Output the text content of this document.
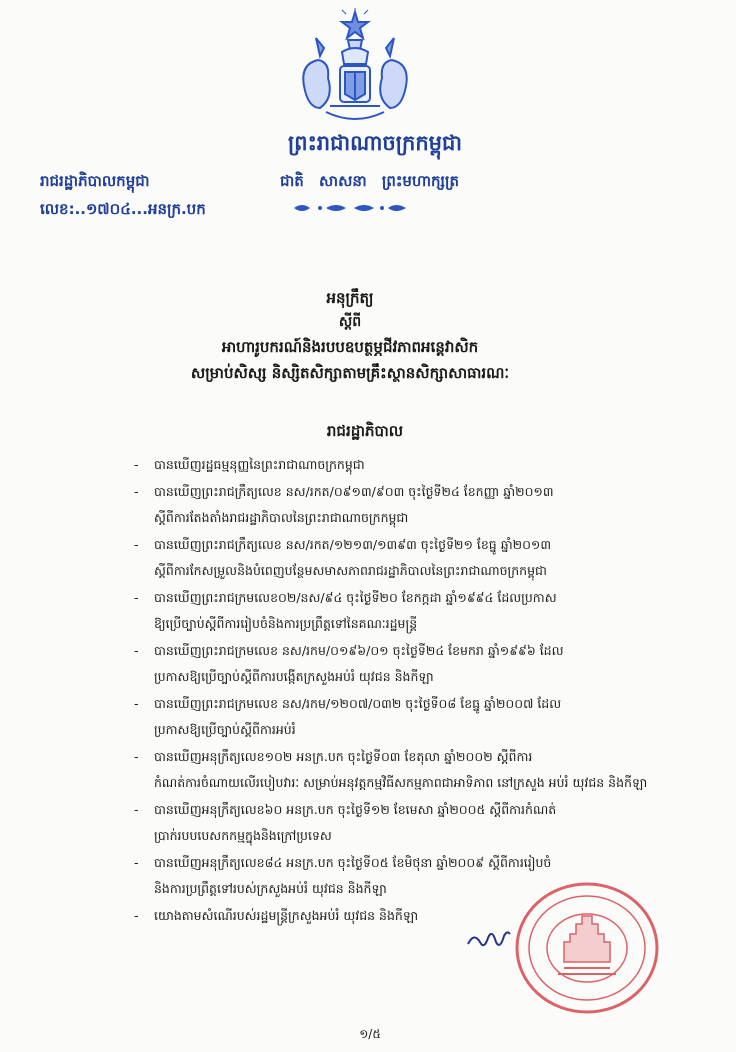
ព្រះរាជាណាចក្រកម្ពុជា
រាជរដ្ឋាភិបាលកម្ពុជា	ជាតិ សាសនា ព្រះមហាក្សត្រ
លេខ:..១៧០៤...អនក្រ.បក
អនុក្រឹត្យ
ស្តីពី
អាហារូបករណ៍និងរបបឧបត្ថម្ភជីវភាពអន្តេវាសិក
សម្រាប់សិស្ស និស្សិតសិក្សាតាមគ្រឹះស្ថានសិក្សាសាធារណៈ
រាជរដ្ឋាភិបាល
- បានឃើញរដ្ឋធម្មនុញ្ញនៃព្រះរាជាណាចក្រកម្ពុជា
- បានឃើញព្រះរាជក្រឹត្យលេខ នស/រកត/០៩១៣/៩០៣ ចុះថ្ងៃទី២៤ ខែកញ្ញា ឆ្នាំ២០១៣
ស្តីពីការតែងតាំងរាជរដ្ឋាភិបាលនៃព្រះរាជាណាចក្រកម្ពុជា
- បានឃើញព្រះរាជក្រឹត្យលេខ នស/រកត/១២១៣/១៣៩៣ ចុះថ្ងៃទី២១ ខែធ្នូ ឆ្នាំ២០១៣
ស្តីពីការកែសម្រួលនិងបំពេញបន្ថែមសមាសភាពរាជរដ្ឋាភិបាលនៃព្រះរាជាណាចក្រកម្ពុជា
- បានឃើញព្រះរាជក្រមលេខ០២/នស/៩៤ ចុះថ្ងៃទី២០ ខែកក្កដា ឆ្នាំ១៩៩៤ ដែលប្រកាស
ឱ្យប្រើច្បាប់ស្តីពីការរៀបចំនិងការប្រព្រឹត្តទៅនៃគណៈរដ្ឋមន្ត្រី
- បានឃើញព្រះរាជក្រមលេខ នស/រកម/០១៩៦/០១ ចុះថ្ងៃទី២៤ ខែមករា ឆ្នាំ១៩៩៦ ដែល
ប្រកាសឱ្យប្រើច្បាប់ស្តីពីការបង្កើតក្រសួងអប់រំ យុវជន និងកីឡា
- បានឃើញព្រះរាជក្រមលេខ នស/រកម/១២០៧/០៣២ ចុះថ្ងៃទី០៨ ខែធ្នូ ឆ្នាំ២០០៧ ដែល
ប្រកាសឱ្យប្រើច្បាប់ស្តីពីការអប់រំ
- បានឃើញអនុក្រឹត្យលេខ១០២ អនក្រ.បក ចុះថ្ងៃទី០៣ ខែតុលា ឆ្នាំ២០០២ ស្តីពីការ
កំណត់ការចំណាយលើរបៀបវារៈ សម្រាប់អនុវត្តកម្មវិធីសកម្មភាពជាអាទិភាព នៅក្រសួង អប់រំ យុវជន និងកីឡា
- បានឃើញអនុក្រឹត្យលេខ៦០ អនក្រ.បក ចុះថ្ងៃទី១២ ខែមេសា ឆ្នាំ២០០៥ ស្តីពីការកំណត់
ប្រាក់របបបេសកកម្មក្នុងនិងក្រៅប្រទេស
- បានឃើញអនុក្រឹត្យលេខ៨៤ អនក្រ.បក ចុះថ្ងៃទី០៥ ខែមិថុនា ឆ្នាំ២០០៩ ស្តីពីការរៀបចំ
និងការប្រព្រឹត្តទៅរបស់ក្រសួងអប់រំ យុវជន និងកីឡា
- យោងតាមសំណើរបស់រដ្ឋមន្ត្រីក្រសួងអប់រំ យុវជន និងកីឡា
១/៥
